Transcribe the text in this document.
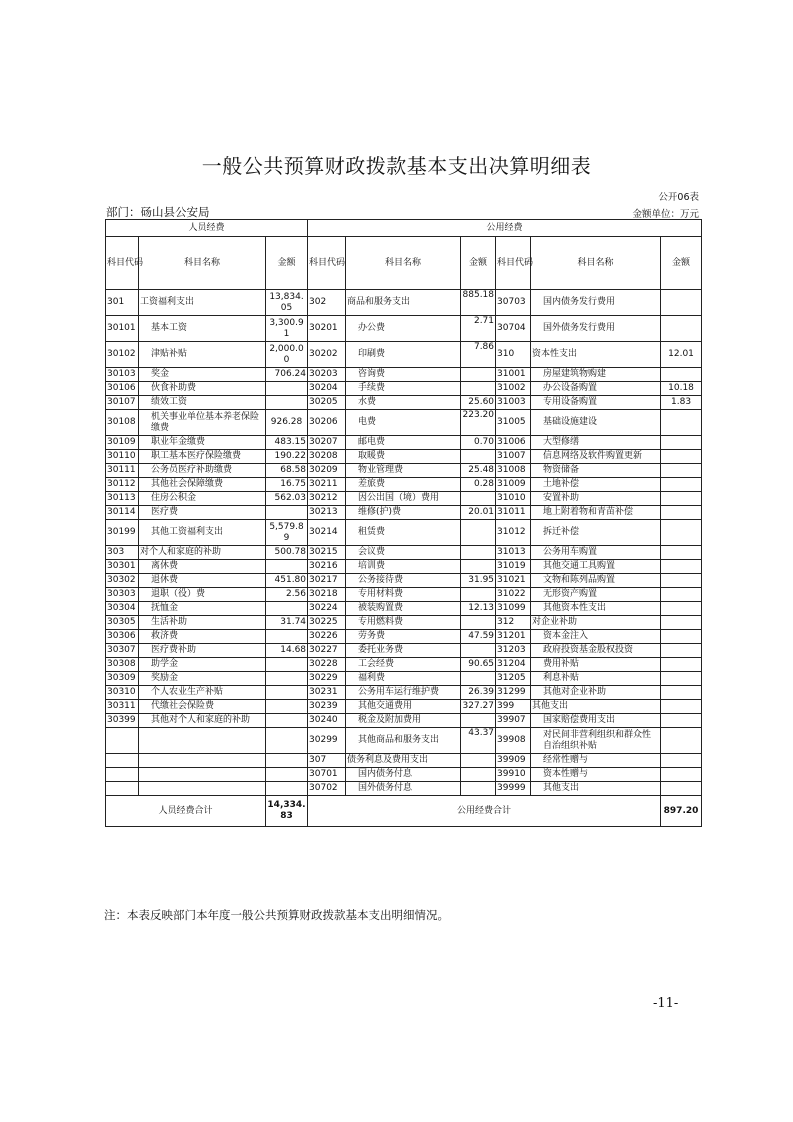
一般公共预算财政拨款基本支出决算明细表
公开06表
部门：砀山县公安局	金额单位：万元
人员经费			公用经费					
科目代码	科目名称	金额	科目代码	科目名称	金额	科目代码	科目名称	金额
301	工资福利支出	13,834.05	302	商品和服务支出	885.18	30703	国内债务发行费用	
30101	基本工资	3,300.91	30201	办公费	2.71	30704	国外债务发行费用	
30102	津贴补贴	2,000.00	30202	印刷费	7.86	310	资本性支出	12.01
30103	奖金	706.24	30203	咨询费		31001	房屋建筑物购建	
30106	伙食补助费		30204	手续费		31002	办公设备购置	10.18
30107	绩效工资		30205	水费	25.60	31003	专用设备购置	1.83
30108	机关事业单位基本养老保险缴费	926.28	30206	电费	223.20	31005	基础设施建设	
30109	职业年金缴费	483.15	30207	邮电费	0.70	31006	大型修缮	
30110	职工基本医疗保险缴费	190.22	30208	取暖费		31007	信息网络及软件购置更新	
30111	公务员医疗补助缴费	68.58	30209	物业管理费	25.48	31008	物资储备	
30112	其他社会保障缴费	16.75	30211	差旅费	0.28	31009	土地补偿	
30113	住房公积金	562.03	30212	因公出国（境）费用		31010	安置补助	
30114	医疗费		30213	维修(护)费	20.01	31011	地上附着物和青苗补偿	
30199	其他工资福利支出	5,579.89	30214	租赁费		31012	拆迁补偿	
303	对个人和家庭的补助	500.78	30215	会议费		31013	公务用车购置	
30301	离休费		30216	培训费		31019	其他交通工具购置	
30302	退休费	451.80	30217	公务接待费	31.95	31021	文物和陈列品购置	
30303	退职（役）费	2.56	30218	专用材料费		31022	无形资产购置	
30304	抚恤金		30224	被装购置费	12.13	31099	其他资本性支出	
30305	生活补助	31.74	30225	专用燃料费		312	对企业补助	
30306	救济费		30226	劳务费	47.59	31201	资本金注入	
30307	医疗费补助	14.68	30227	委托业务费		31203	政府投资基金股权投资	
30308	助学金		30228	工会经费	90.65	31204	费用补贴	
30309	奖励金		30229	福利费		31205	利息补贴	
30310	个人农业生产补贴		30231	公务用车运行维护费	26.39	31299	其他对企业补助	
30311	代缴社会保险费		30239	其他交通费用	327.27	399	其他支出	
30399	其他对个人和家庭的补助		30240	税金及附加费用		39907	国家赔偿费用支出	
			30299	其他商品和服务支出	43.37	39908	对民间非营利组织和群众性自治组织补贴	
			307	债务利息及费用支出		39909	经常性赠与	
			30701	国内债务付息		39910	资本性赠与	
			30702	国外债务付息		39999	其他支出	
人员经费合计		14,334.83	公用经费合计					897.20
注：本表反映部门本年度一般公共预算财政拨款基本支出明细情况。
-11-
